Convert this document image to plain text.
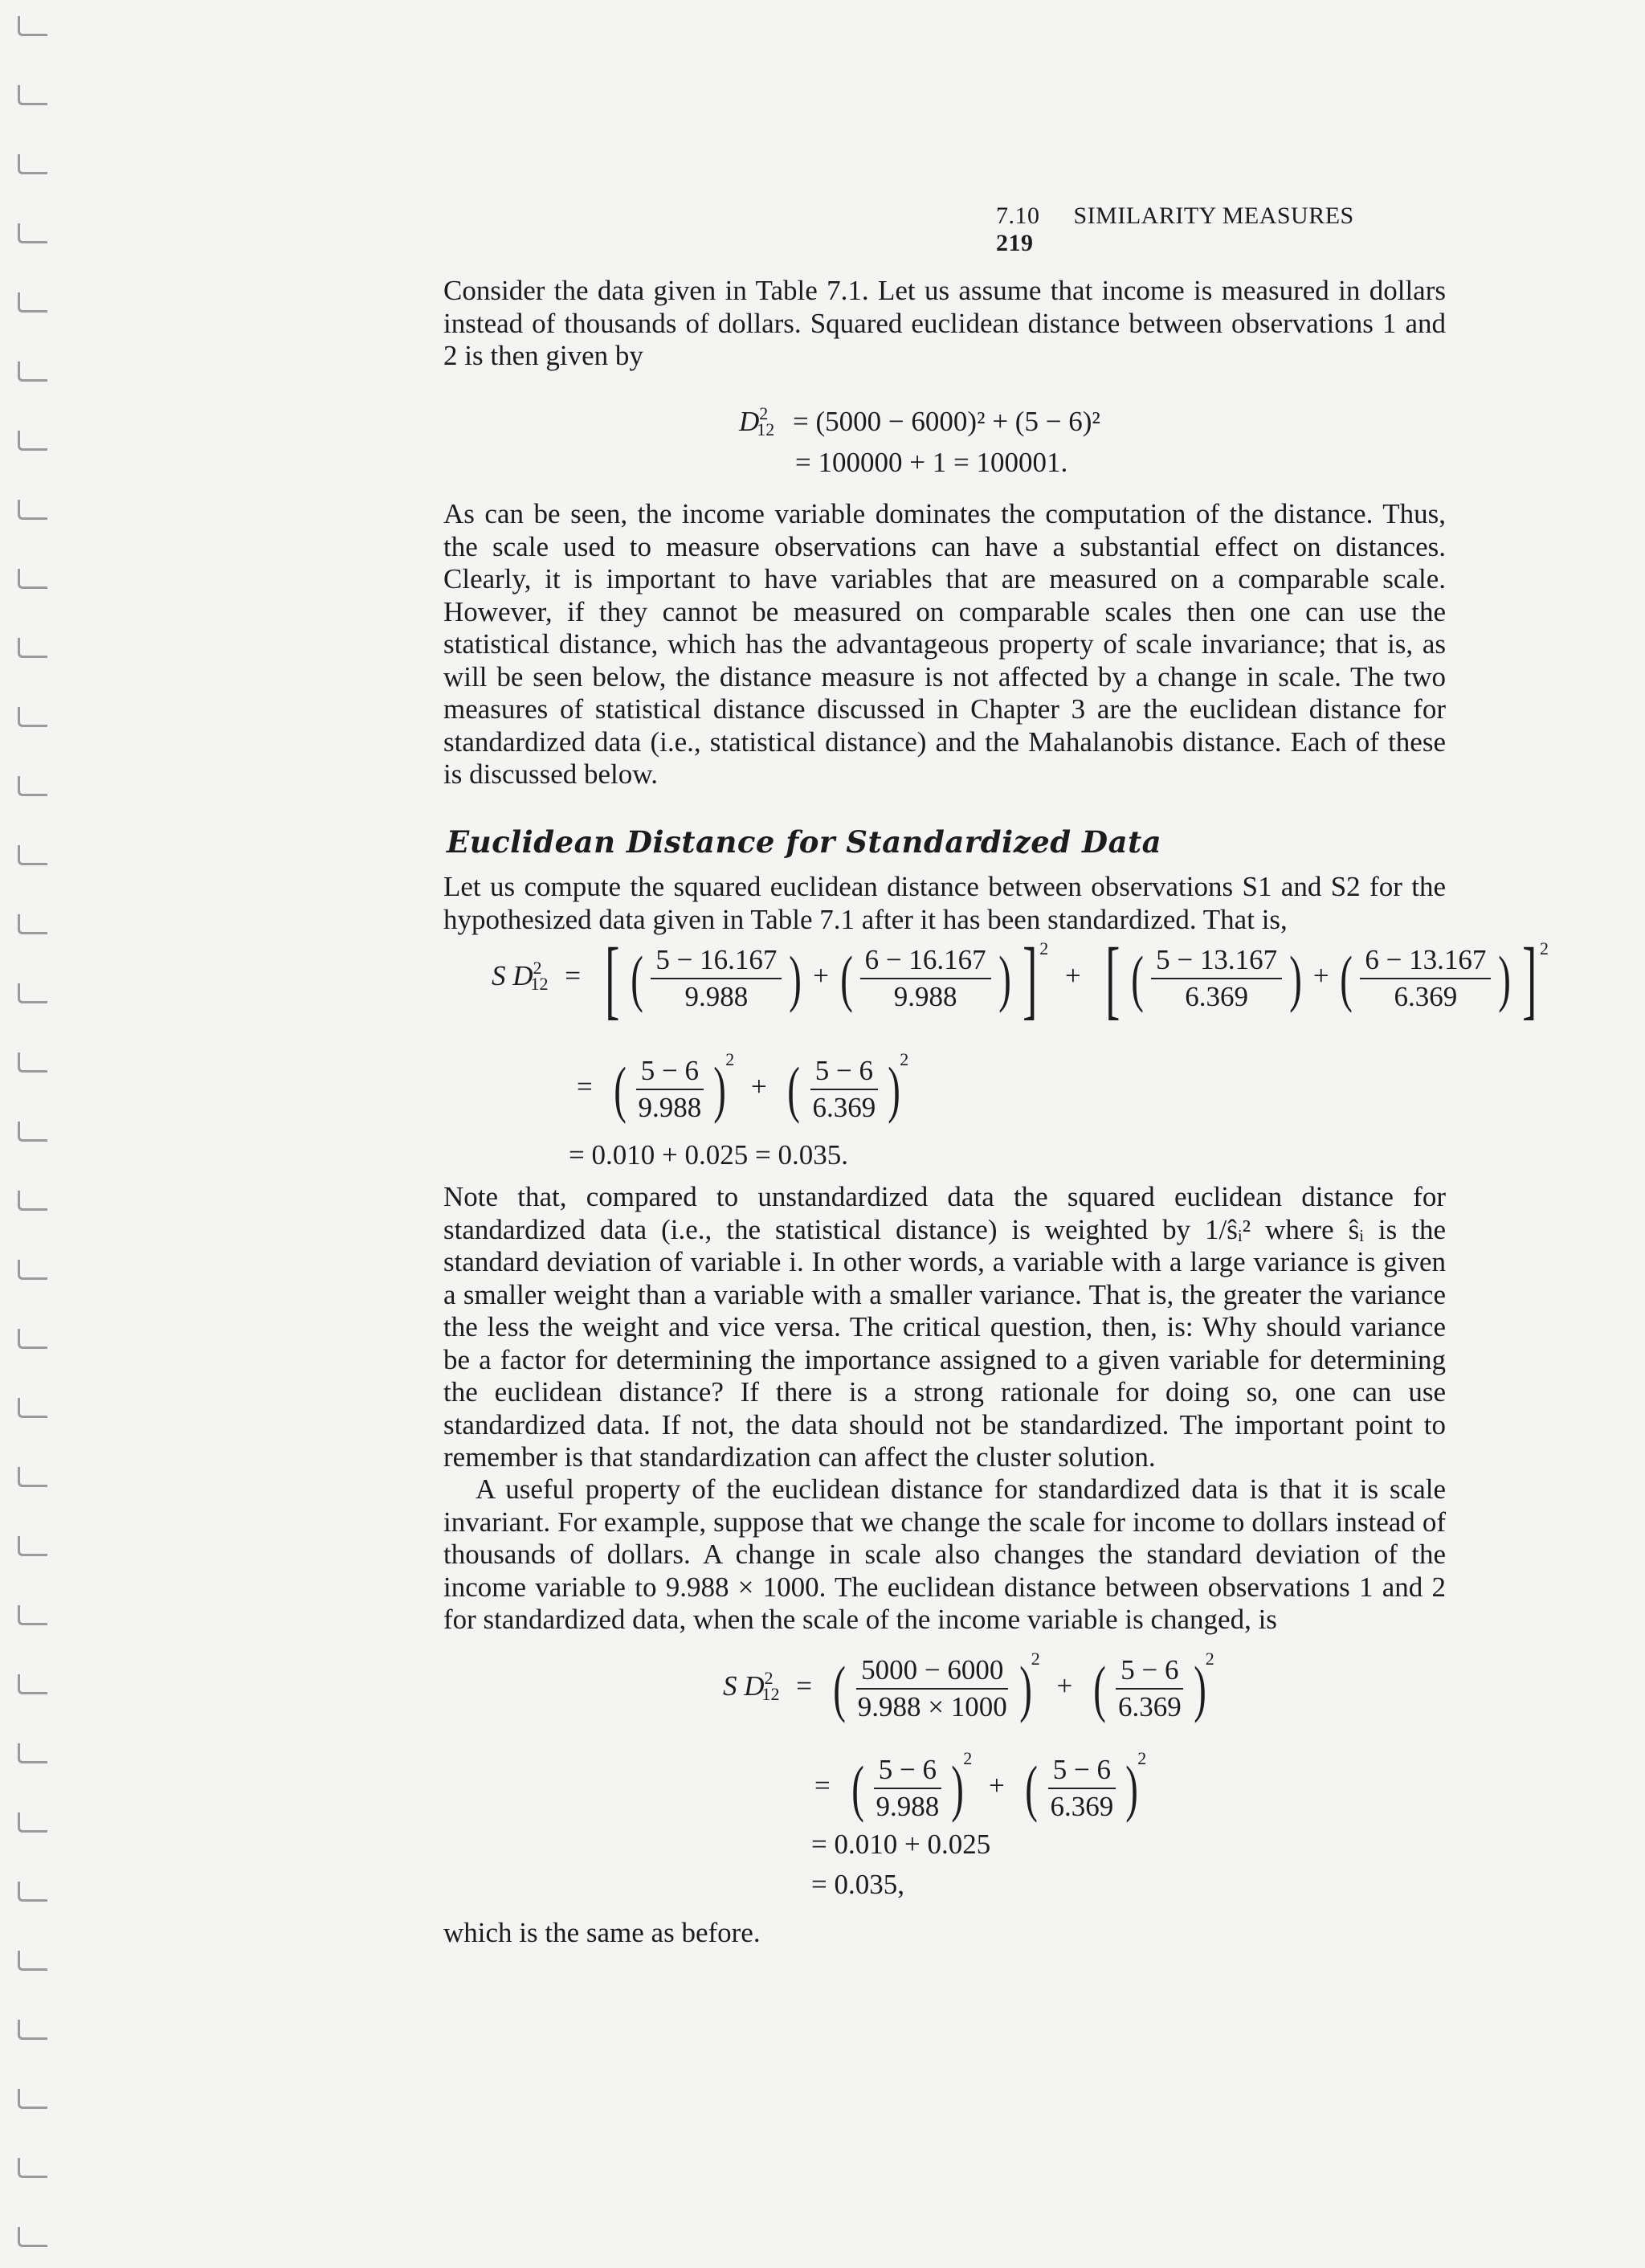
7.10 SIMILARITY MEASURES 219

Consider the data given in Table 7.1. Let us assume that income is measured in dollars instead of thousands of dollars. Squared euclidean distance between observations 1 and 2 is then given by

$D^2_{12} = (5000 - 6000)^2 + (5 - 6)^2$
= 100000 + 1 = 100001.

As can be seen, the income variable dominates the computation of the distance. Thus, the scale used to measure observations can have a substantial effect on distances. Clearly, it is important to have variables that are measured on a comparable scale. However, if they cannot be measured on comparable scales then one can use the statistical distance, which has the advantageous property of scale invariance; that is, as will be seen below, the distance measure is not affected by a change in scale. The two measures of statistical distance discussed in Chapter 3 are the euclidean distance for standardized data (i.e., statistical distance) and the Mahalanobis distance. Each of these is discussed below.

Euclidean Distance for Standardized Data

Let us compute the squared euclidean distance between observations S1 and S2 for the hypothesized data given in Table 7.1 after it has been standardized. That is,

S $D^2_{12}$ = [ ( $\frac{5 - 16.167}{9.988}$ ) + ( $\frac{6 - 16.167}{9.988}$ ) ] $^2$ + [ ( $\frac{5 - 13.167}{6.369}$ ) + ( $\frac{6 - 13.167}{6.369}$ ) ] $^2$
= ( $\frac{5 - 6}{9.988} )^2$ + ( $\frac{5 - 6}{6.369} )^2$
= 0.010 + 0.025 = 0.035.

Note that, compared to unstandardized data the squared euclidean distance for standardized data (i.e., the statistical distance) is weighted by 1/ŝᵢ² where ŝᵢ is the standard deviation of variable i. In other words, a variable with a large variance is given a smaller weight than a variable with a smaller variance. That is, the greater the variance the less the weight and vice versa. The critical question, then, is: Why should variance be a factor for determining the importance assigned to a given variable for determining the euclidean distance? If there is a strong rationale for doing so, one can use standardized data. If not, the data should not be standardized. The important point to remember is that standardization can affect the cluster solution.

A useful property of the euclidean distance for standardized data is that it is scale invariant. For example, suppose that we change the scale for income to dollars instead of thousands of dollars. A change in scale also changes the standard deviation of the income variable to 9.988 × 1000. The euclidean distance between observations 1 and 2 for standardized data, when the scale of the income variable is changed, is

S $D^2_{12}$ = ( $\frac{5000 - 6000}{9.988 \times 1000} )^2$ + ( $\frac{5 - 6}{6.369} )^2$
= ( $\frac{5 - 6}{9.988} )^2$ + ( $\frac{5 - 6}{6.369} )^2$
= 0.010 + 0.025
= 0.035,

which is the same as before.
